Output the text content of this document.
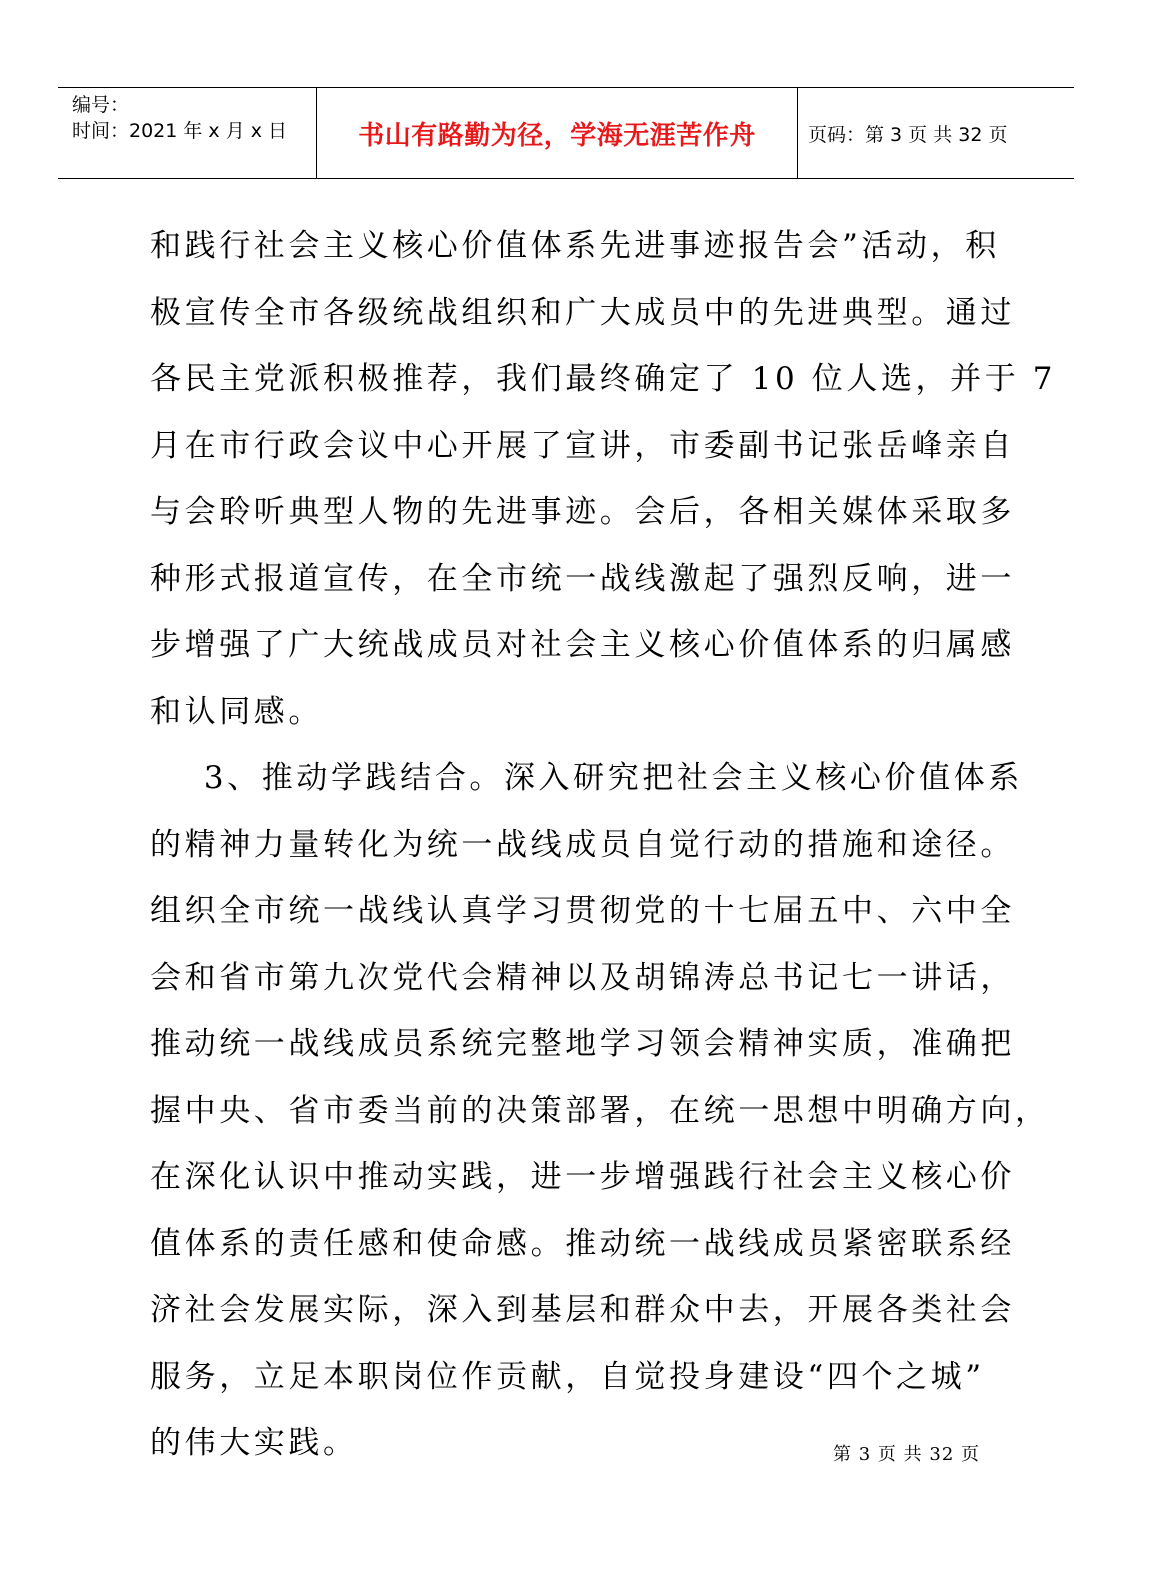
编号：
时间：2021 年 x 月 x 日	书山有路勤为径，学海无涯苦作舟	页码：第 3 页 共 32 页
和践行社会主义核心价值体系先进事迹报告会”活动，积
极宣传全市各级统战组织和广大成员中的先进典型。通过
各民主党派积极推荐，我们最终确定了 10 位人选，并于 7
月在市行政会议中心开展了宣讲，市委副书记张岳峰亲自
与会聆听典型人物的先进事迹。会后，各相关媒体采取多
种形式报道宣传，在全市统一战线激起了强烈反响，进一
步增强了广大统战成员对社会主义核心价值体系的归属感
和认同感。
3、推动学践结合。深入研究把社会主义核心价值体系
的精神力量转化为统一战线成员自觉行动的措施和途径。
组织全市统一战线认真学习贯彻党的十七届五中、六中全
会和省市第九次党代会精神以及胡锦涛总书记七一讲话，
推动统一战线成员系统完整地学习领会精神实质，准确把
握中央、省市委当前的决策部署，在统一思想中明确方向，
在深化认识中推动实践，进一步增强践行社会主义核心价
值体系的责任感和使命感。推动统一战线成员紧密联系经
济社会发展实际，深入到基层和群众中去，开展各类社会
服务，立足本职岗位作贡献，自觉投身建设“四个之城”
的伟大实践。	第 3 页 共 32 页
